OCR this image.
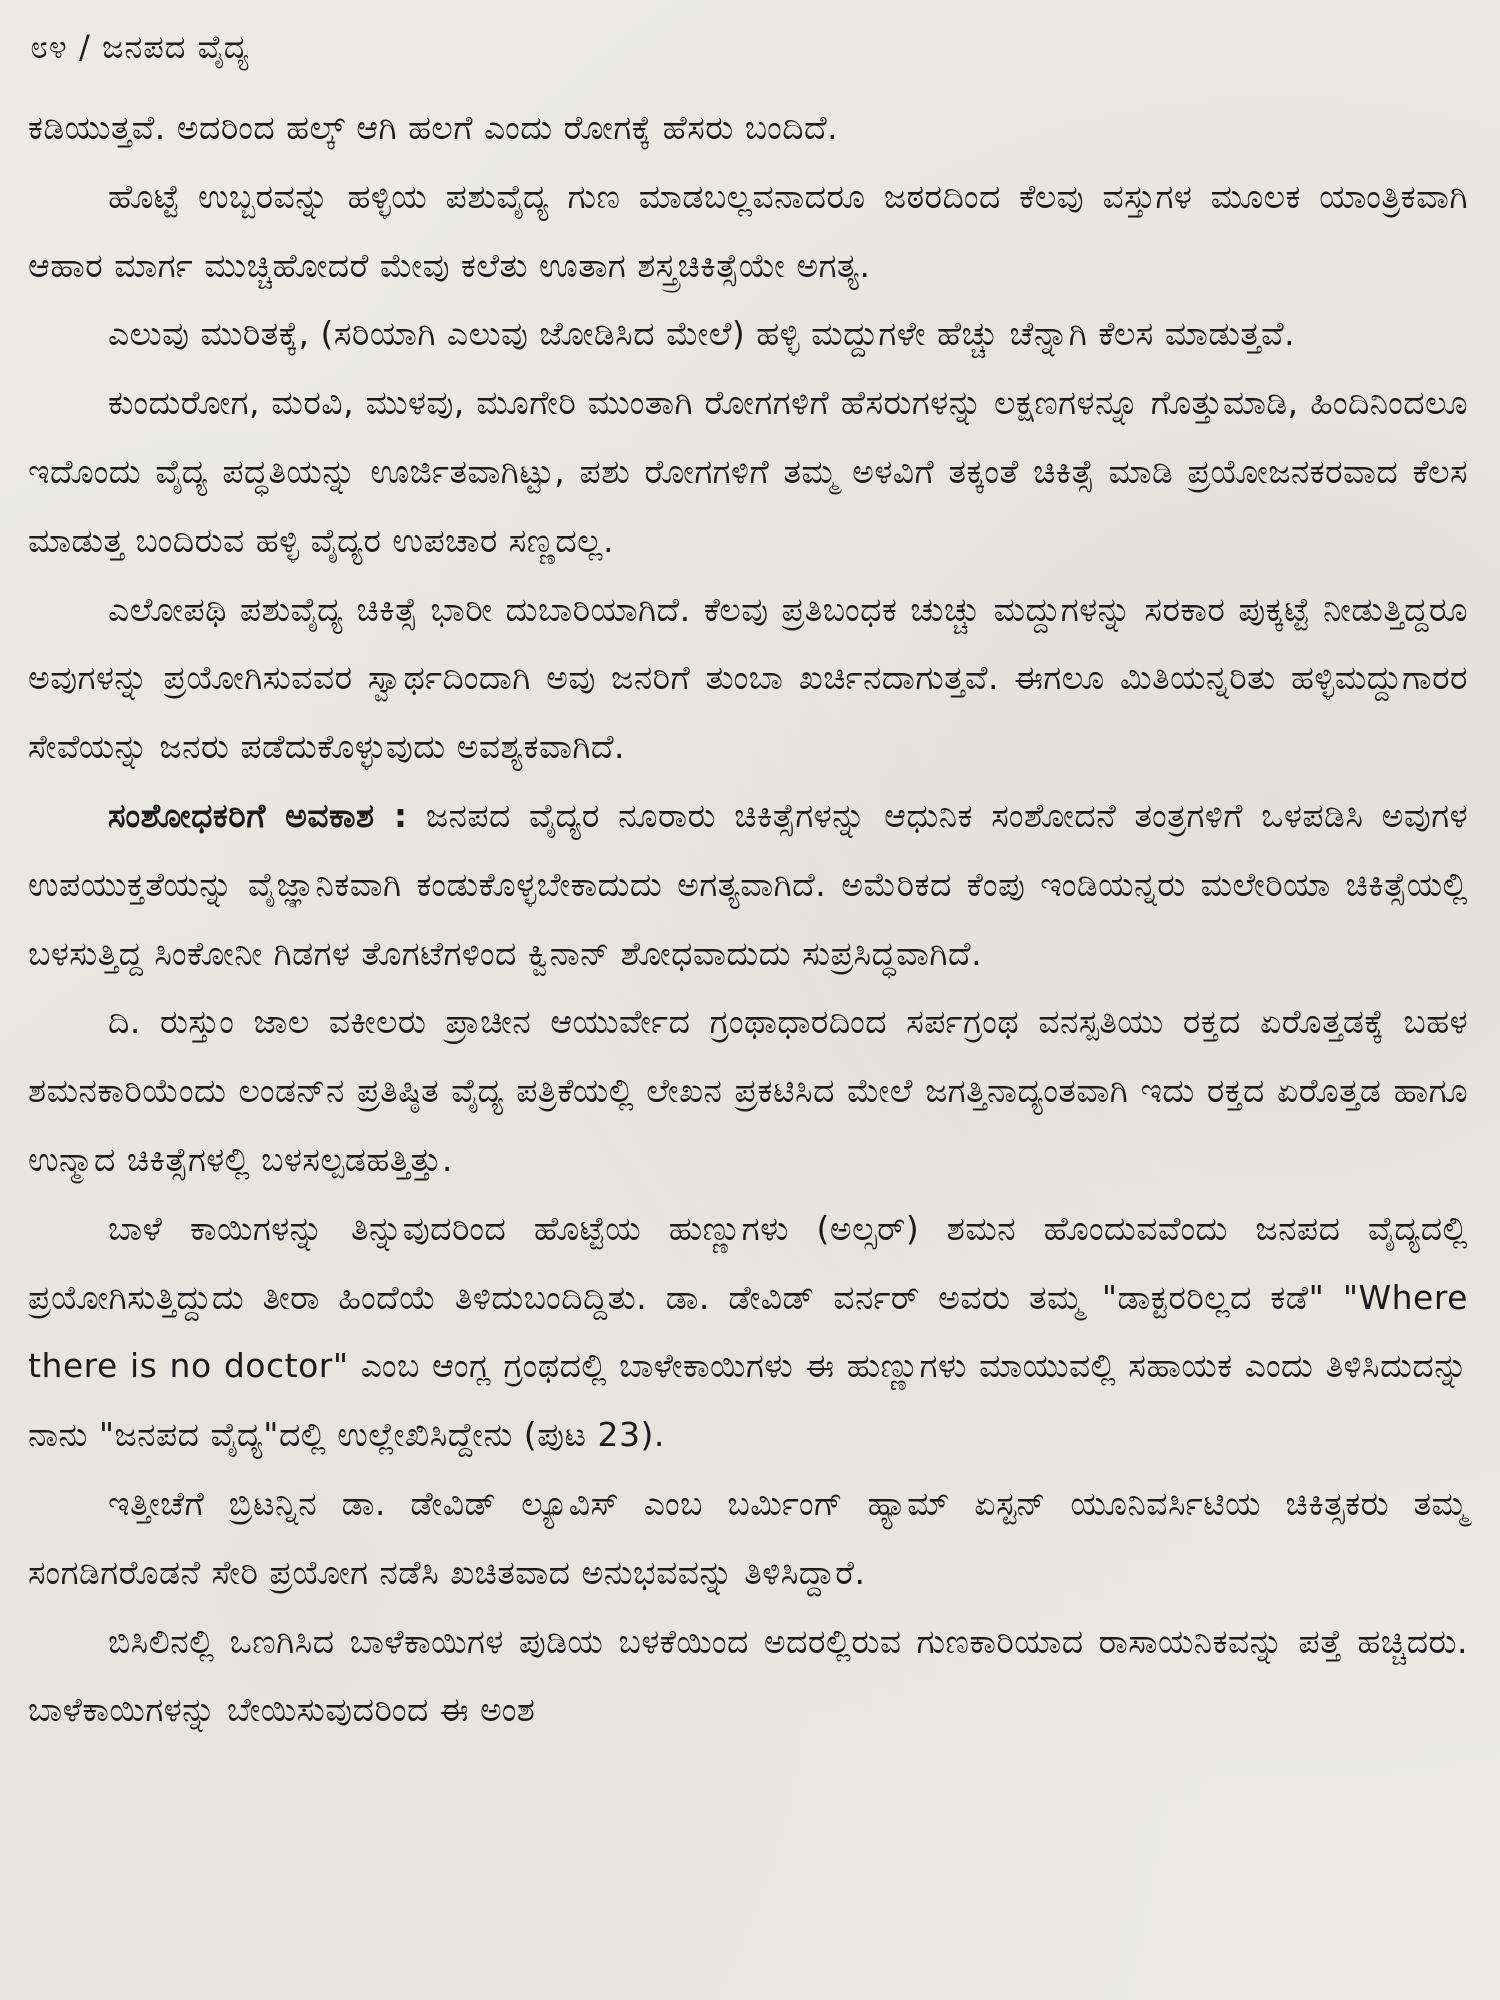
೮೪ / ಜನಪದ ವೈದ್ಯ

ಕಡಿಯುತ್ತವೆ. ಅದರಿಂದ ಹಲ್ಕ್ ಆಗಿ ಹಲಗೆ ಎಂದು ರೋಗಕ್ಕೆ ಹೆಸರು ಬಂದಿದೆ.

ಹೊಟ್ಟೆ ಉಬ್ಬರವನ್ನು ಹಳ್ಳಿಯ ಪಶುವೈದ್ಯ ಗುಣ ಮಾಡಬಲ್ಲವನಾದರೂ ಜಠರದಿಂದ ಕೆಲವು ವಸ್ತುಗಳ ಮೂಲಕ ಯಾಂತ್ರಿಕವಾಗಿ ಆಹಾರ ಮಾರ್ಗ ಮುಚ್ಚಿಹೋದರೆ ಮೇವು ಕಲೆತು ಊತಾಗ ಶಸ್ತ್ರಚಿಕಿತ್ಸೆಯೇ ಅಗತ್ಯ.

ಎಲುವು ಮುರಿತಕ್ಕೆ, (ಸರಿಯಾಗಿ ಎಲುವು ಜೋಡಿಸಿದ ಮೇಲೆ) ಹಳ್ಳಿ ಮದ್ದುಗಳೇ ಹೆಚ್ಚು ಚೆನ್ನಾಗಿ ಕೆಲಸ ಮಾಡುತ್ತವೆ.

ಕುಂದುರೋಗ, ಮರವಿ, ಮುಳವು, ಮೂಗೇರಿ ಮುಂತಾಗಿ ರೋಗಗಳಿಗೆ ಹೆಸರುಗಳನ್ನು ಲಕ್ಷಣಗಳನ್ನೂ ಗೊತ್ತುಮಾಡಿ, ಹಿಂದಿನಿಂದಲೂ ಇದೊಂದು ವೈದ್ಯ ಪದ್ಧತಿಯನ್ನು ಊರ್ಜಿತವಾಗಿಟ್ಟು, ಪಶು ರೋಗಗಳಿಗೆ ತಮ್ಮ ಅಳವಿಗೆ ತಕ್ಕಂತೆ ಚಿಕಿತ್ಸೆ ಮಾಡಿ ಪ್ರಯೋಜನಕರವಾದ ಕೆಲಸ ಮಾಡುತ್ತ ಬಂದಿರುವ ಹಳ್ಳಿ ವೈದ್ಯರ ಉಪಚಾರ ಸಣ್ಣದಲ್ಲ.

ಎಲೋಪಥಿ ಪಶುವೈದ್ಯ ಚಿಕಿತ್ಸೆ ಭಾರೀ ದುಬಾರಿಯಾಗಿದೆ. ಕೆಲವು ಪ್ರತಿಬಂಧಕ ಚುಚ್ಚು ಮದ್ದುಗಳನ್ನು ಸರಕಾರ ಪುಕ್ಕಟ್ಟೆ ನೀಡುತ್ತಿದ್ದರೂ ಅವುಗಳನ್ನು ಪ್ರಯೋಗಿಸುವವರ ಸ್ವಾರ್ಥದಿಂದಾಗಿ ಅವು ಜನರಿಗೆ ತುಂಬಾ ಖರ್ಚಿನದಾಗುತ್ತವೆ. ಈಗಲೂ ಮಿತಿಯನ್ನರಿತು ಹಳ್ಳಿಮದ್ದುಗಾರರ ಸೇವೆಯನ್ನು ಜನರು ಪಡೆದುಕೊಳ್ಳುವುದು ಅವಶ್ಯಕವಾಗಿದೆ.

ಸಂಶೋಧಕರಿಗೆ ಅವಕಾಶ : ಜನಪದ ವೈದ್ಯರ ನೂರಾರು ಚಿಕಿತ್ಸೆಗಳನ್ನು ಆಧುನಿಕ ಸಂಶೋದನೆ ತಂತ್ರಗಳಿಗೆ ಒಳಪಡಿಸಿ ಅವುಗಳ ಉಪಯುಕ್ತತೆಯನ್ನು ವೈಜ್ಞಾನಿಕವಾಗಿ ಕಂಡುಕೊಳ್ಳಬೇಕಾದುದು ಅಗತ್ಯವಾಗಿದೆ. ಅಮೆರಿಕದ ಕೆಂಪು ಇಂಡಿಯನ್ನರು ಮಲೇರಿಯಾ ಚಿಕಿತ್ಸೆಯಲ್ಲಿ ಬಳಸುತ್ತಿದ್ದ ಸಿಂಕೋನೀ ಗಿಡಗಳ ತೊಗಟೆಗಳಿಂದ ಕ್ವಿನಾನ್ ಶೋಧವಾದುದು ಸುಪ್ರಸಿದ್ಧವಾಗಿದೆ.

ದಿ. ರುಸ್ತುಂ ಜಾಲ ವಕೀಲರು ಪ್ರಾಚೀನ ಆಯುರ್ವೇದ ಗ್ರಂಥಾಧಾರದಿಂದ ಸರ್ಪಗ್ರಂಥ ವನಸ್ಪತಿಯು ರಕ್ತದ ಏರೊತ್ತಡಕ್ಕೆ ಬಹಳ ಶಮನಕಾರಿಯೆಂದು ಲಂಡನ್‌ನ ಪ್ರತಿಷ್ಠಿತ ವೈದ್ಯ ಪತ್ರಿಕೆಯಲ್ಲಿ ಲೇಖನ ಪ್ರಕಟಿಸಿದ ಮೇಲೆ ಜಗತ್ತಿನಾದ್ಯಂತವಾಗಿ ಇದು ರಕ್ತದ ಏರೊತ್ತಡ ಹಾಗೂ ಉನ್ಮಾದ ಚಿಕಿತ್ಸೆಗಳಲ್ಲಿ ಬಳಸಲ್ಪಡಹತ್ತಿತ್ತು.

ಬಾಳೆ ಕಾಯಿಗಳನ್ನು ತಿನ್ನುವುದರಿಂದ ಹೊಟ್ಟೆಯ ಹುಣ್ಣುಗಳು (ಅಲ್ಸರ್) ಶಮನ ಹೊಂದುವವೆಂದು ಜನಪದ ವೈದ್ಯದಲ್ಲಿ ಪ್ರಯೋಗಿಸುತ್ತಿದ್ದುದು ತೀರಾ ಹಿಂದೆಯೆ ತಿಳಿದುಬಂದಿದ್ದಿತು. ಡಾ. ಡೇವಿಡ್ ವರ್ನರ್ ಅವರು ತಮ್ಮ "ಡಾಕ್ಟರರಿಲ್ಲದ ಕಡೆ" "Where there is no doctor" ಎಂಬ ಆಂಗ್ಲ ಗ್ರಂಥದಲ್ಲಿ ಬಾಳೇಕಾಯಿಗಳು ಈ ಹುಣ್ಣುಗಳು ಮಾಯುವಲ್ಲಿ ಸಹಾಯಕ ಎಂದು ತಿಳಿಸಿದುದನ್ನು ನಾನು "ಜನಪದ ವೈದ್ಯ"ದಲ್ಲಿ ಉಲ್ಲೇಖಿಸಿದ್ದೇನು (ಪುಟ 23).

ಇತ್ತೀಚೆಗೆ ಬ್ರಿಟನ್ನಿನ ಡಾ. ಡೇವಿಡ್ ಲ್ಯೂವಿಸ್ ಎಂಬ ಬರ್ಮಿಂಗ್ ಹ್ಯಾಮ್ ಏಸ್ಟನ್ ಯೂನಿವರ್ಸಿಟಿಯ ಚಿಕಿತ್ಸಕರು ತಮ್ಮ ಸಂಗಡಿಗರೊಡನೆ ಸೇರಿ ಪ್ರಯೋಗ ನಡೆಸಿ ಖಚಿತವಾದ ಅನುಭವವನ್ನು ತಿಳಿಸಿದ್ದಾರೆ.

ಬಿಸಿಲಿನಲ್ಲಿ ಒಣಗಿಸಿದ ಬಾಳೆಕಾಯಿಗಳ ಪುಡಿಯ ಬಳಕೆಯಿಂದ ಅದರಲ್ಲಿರುವ ಗುಣಕಾರಿಯಾದ ರಾಸಾಯನಿಕವನ್ನು ಪತ್ತೆ ಹಚ್ಚಿದರು. ಬಾಳೆಕಾಯಿಗಳನ್ನು ಬೇಯಿಸುವುದರಿಂದ ಈ ಅಂಶ
